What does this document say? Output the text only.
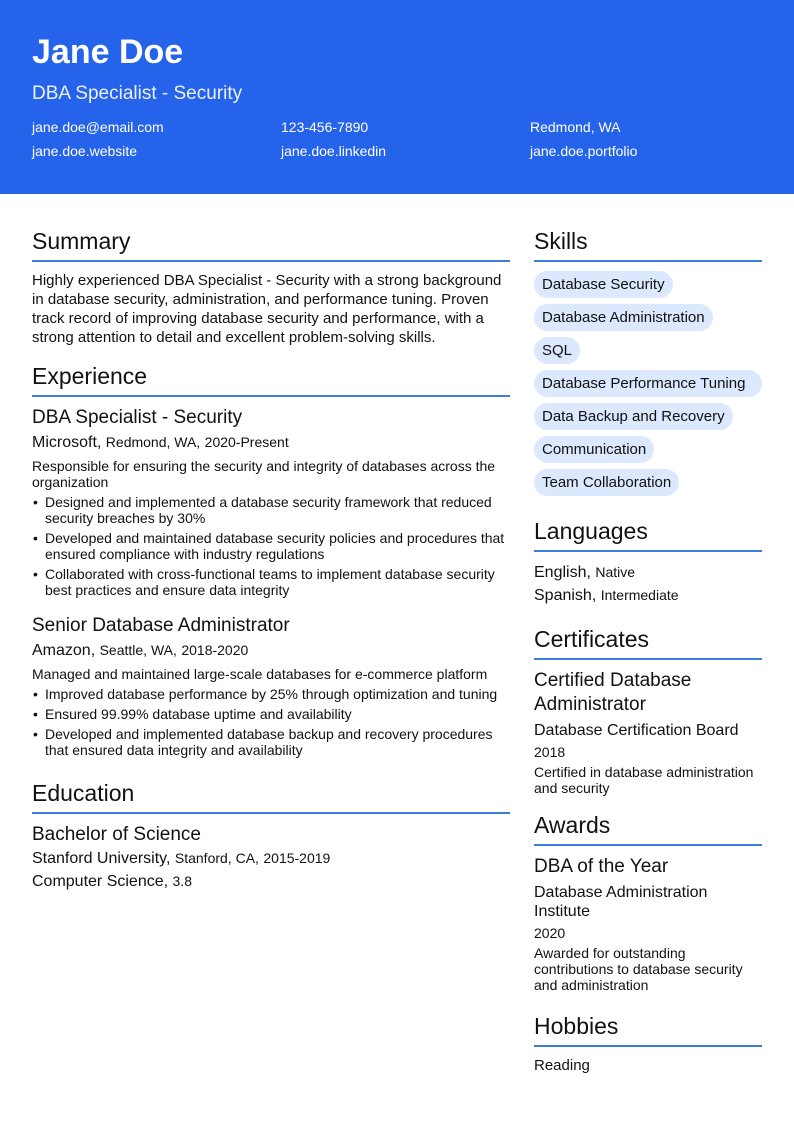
Jane Doe
DBA Specialist - Security
jane.doe@email.com	123-456-7890	Redmond, WA
jane.doe.website	jane.doe.linkedin	jane.doe.portfolio
Summary
Highly experienced DBA Specialist - Security with a strong background in database security, administration, and performance tuning. Proven track record of improving database security and performance, with a strong attention to detail and excellent problem-solving skills.
Experience
DBA Specialist - Security
Microsoft, Redmond, WA, 2020-Present
Responsible for ensuring the security and integrity of databases across the organization
• Designed and implemented a database security framework that reduced security breaches by 30%
• Developed and maintained database security policies and procedures that ensured compliance with industry regulations
• Collaborated with cross-functional teams to implement database security best practices and ensure data integrity
Senior Database Administrator
Amazon, Seattle, WA, 2018-2020
Managed and maintained large-scale databases for e-commerce platform
• Improved database performance by 25% through optimization and tuning
• Ensured 99.99% database uptime and availability
• Developed and implemented database backup and recovery procedures that ensured data integrity and availability
Education
Bachelor of Science
Stanford University, Stanford, CA, 2015-2019
Computer Science, 3.8
Skills
Database Security
Database Administration
SQL
Database Performance Tuning
Data Backup and Recovery
Communication
Team Collaboration
Languages
English, Native
Spanish, Intermediate
Certificates
Certified Database Administrator
Database Certification Board
2018
Certified in database administration and security
Awards
DBA of the Year
Database Administration Institute
2020
Awarded for outstanding contributions to database security and administration
Hobbies
Reading
